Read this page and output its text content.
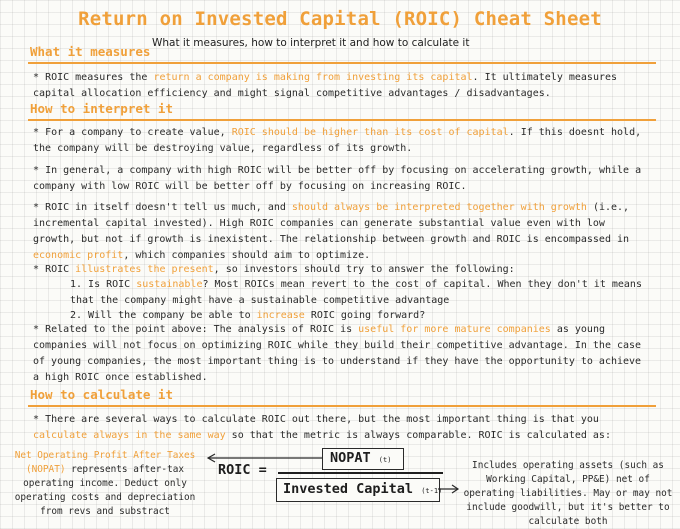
Return on Invested Capital (ROIC) Cheat Sheet
What it measures, how to interpret it and how to calculate it
What it measures
* ROIC measures the return a company is making from investing its capital. It ultimately measures capital allocation efficiency and might signal competitive advantages / disadvantages.
How to interpret it
* For a company to create value, ROIC should be higher than its cost of capital. If this doesnt hold, the company will be destroying value, regardless of its growth.
* In general, a company with high ROIC will be better off by focusing on accelerating growth, while a company with low ROIC will be better off by focusing on increasing ROIC.
* ROIC in itself doesn't tell us much, and should always be interpreted together with growth (i.e., incremental capital invested). High ROIC companies can generate substantial value even with low growth, but not if growth is inexistent. The relationship between growth and ROIC is encompassed in economic profit, which companies should aim to optimize.
* ROIC illustrates the present, so investors should try to answer the following:
1. Is ROIC sustainable? Most ROICs mean revert to the cost of capital. When they don't it means that the company might have a sustainable competitive advantage
2. Will the company be able to increase ROIC going forward?
* Related to the point above: The analysis of ROIC is useful for more mature companies as young companies will not focus on optimizing ROIC while they build their competitive advantage. In the case of young companies, the most important thing is to understand if they have the opportunity to achieve a high ROIC once established.
How to calculate it
* There are several ways to calculate ROIC out there, but the most important thing is that you calculate always in the same way so that the metric is always comparable. ROIC is calculated as:
ROIC =
NOPAT (t)
Invested Capital (t-1)
Net Operating Profit After Taxes (NOPAT) represents after-tax operating income. Deduct only operating costs and depreciation from revs and substract
Includes operating assets (such as Working Capital, PP&E) net of operating liabilities. May or may not include goodwill, but it's better to calculate both
